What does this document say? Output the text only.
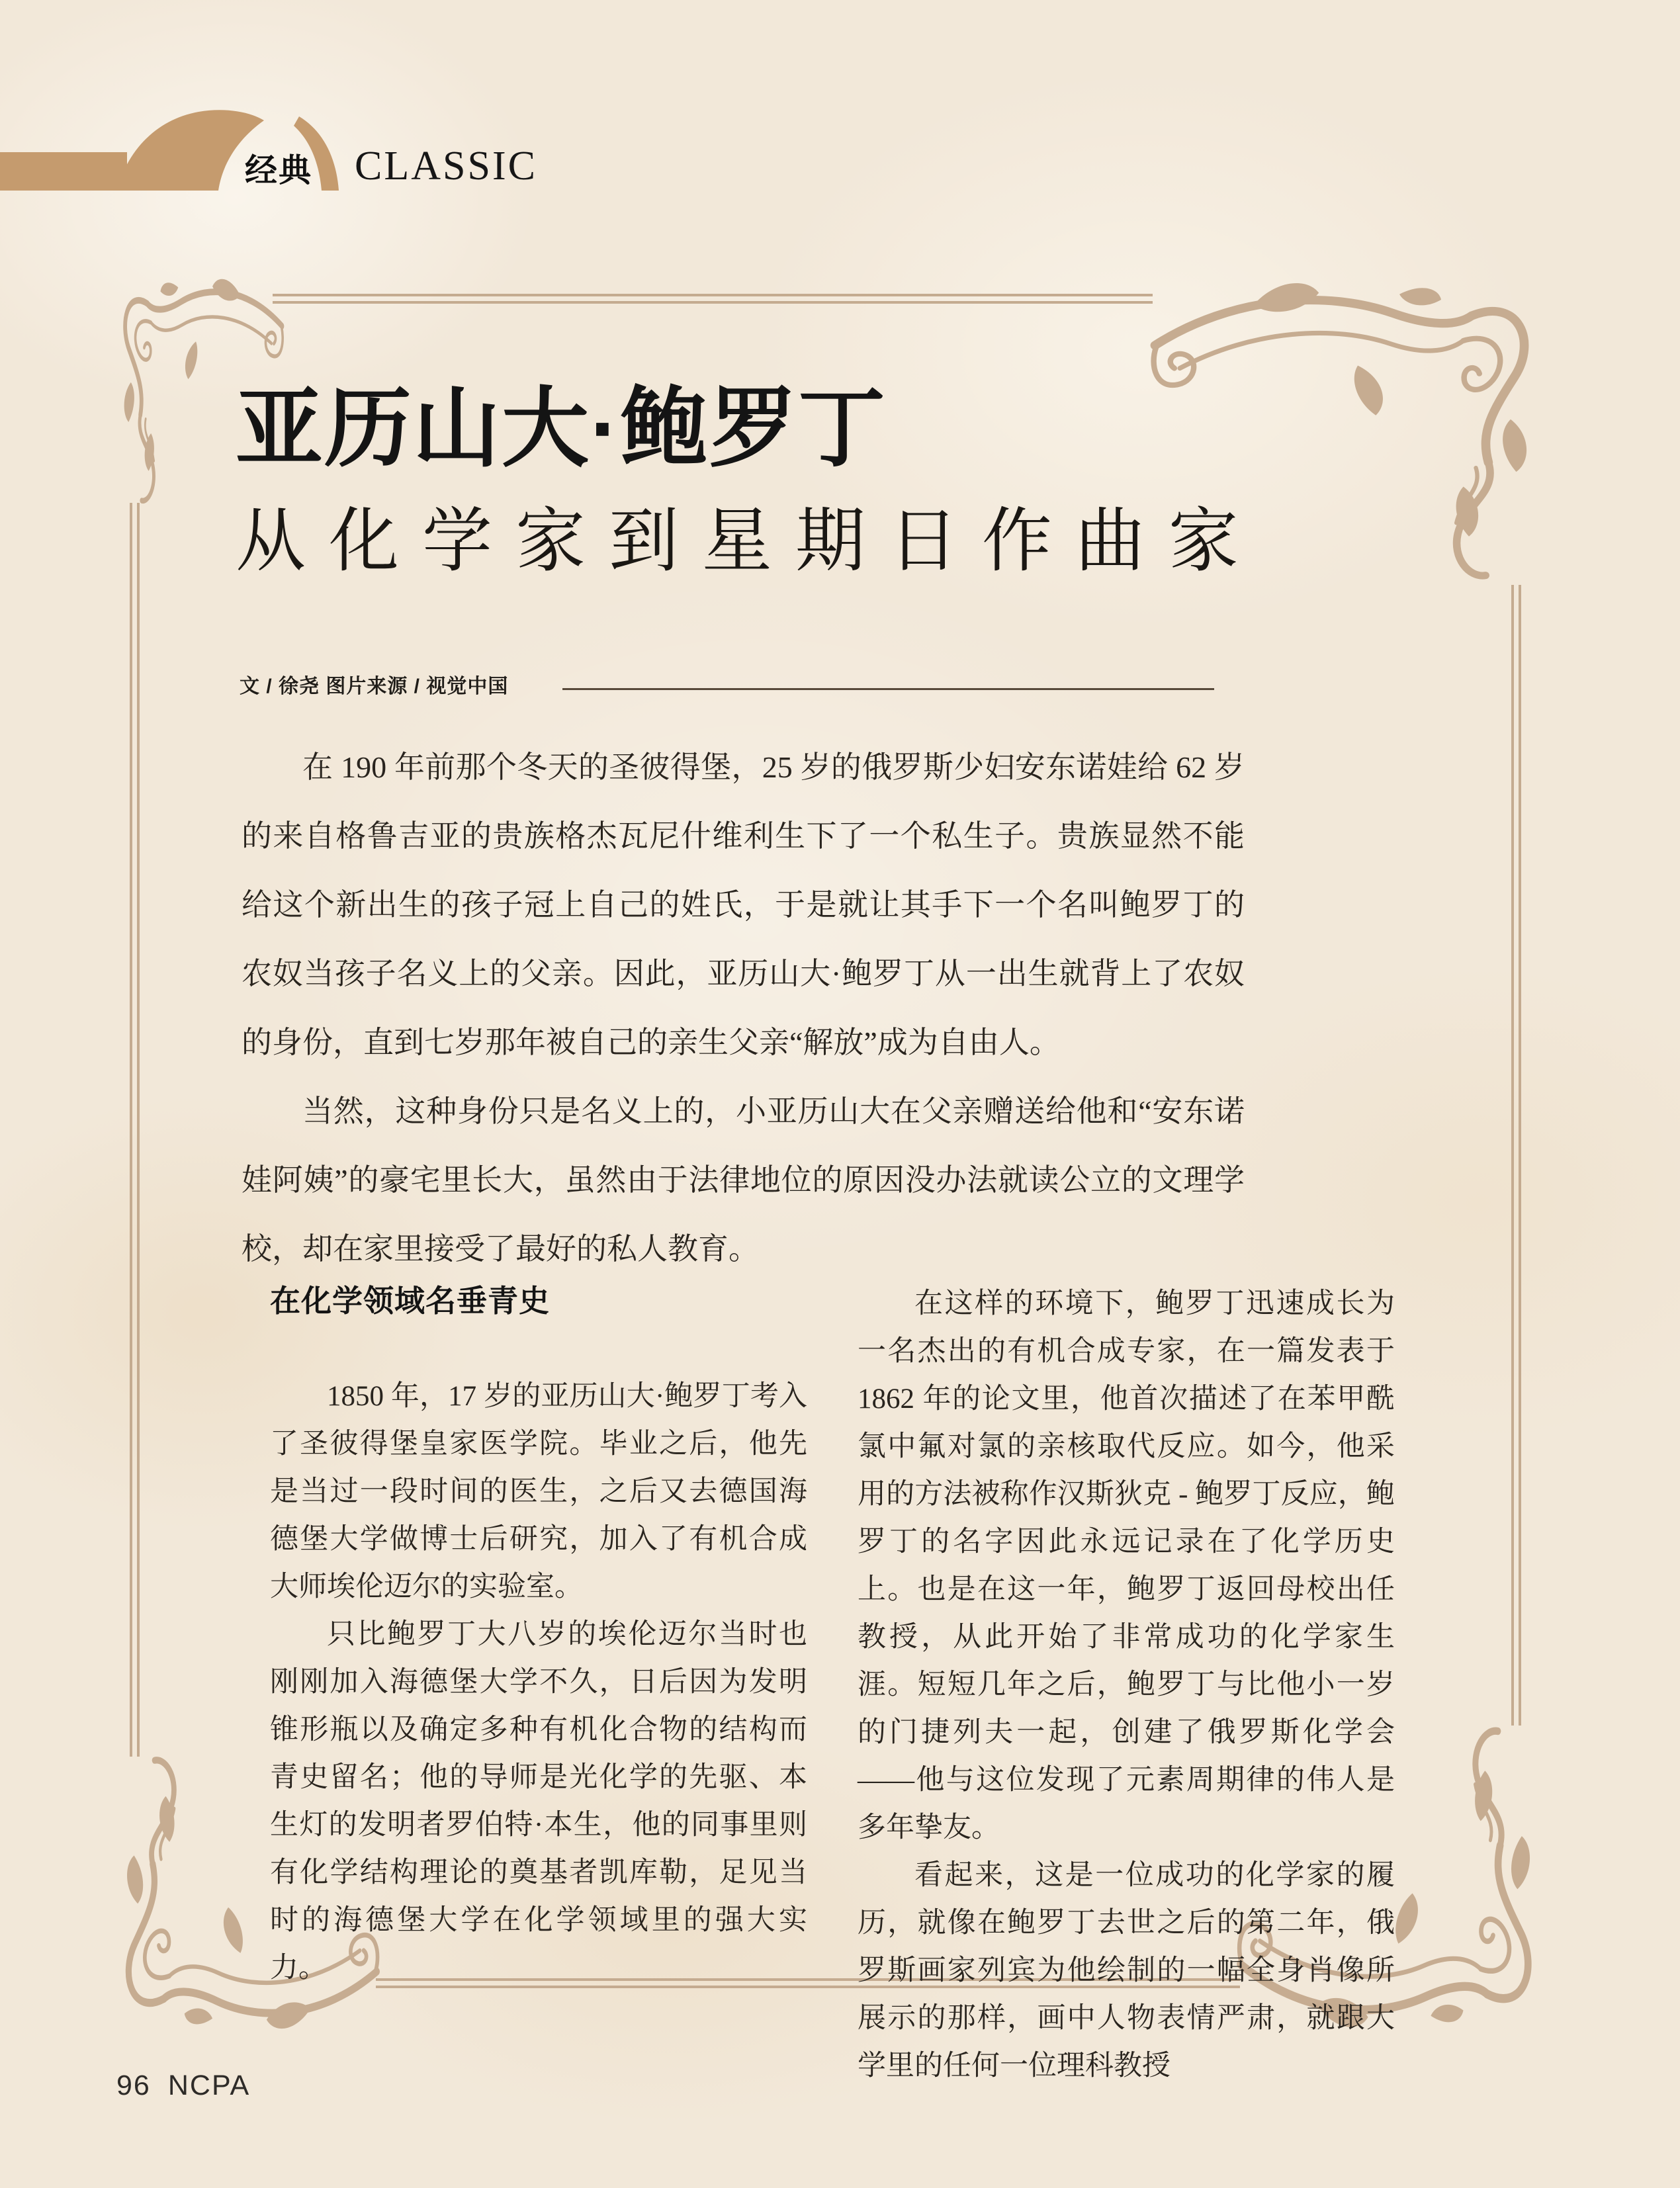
经典 CLASSIC
亚历山大·鲍罗丁
从化学家到星期日作曲家
文 / 徐尧 图片来源 / 视觉中国

在 190 年前那个冬天的圣彼得堡，25 岁的俄罗斯少妇安东诺娃给 62 岁的来自格鲁吉亚的贵族格杰瓦尼什维利生下了一个私生子。贵族显然不能给这个新出生的孩子冠上自己的姓氏，于是就让其手下一个名叫鲍罗丁的农奴当孩子名义上的父亲。因此，亚历山大·鲍罗丁从一出生就背上了农奴的身份，直到七岁那年被自己的亲生父亲“解放”成为自由人。

当然，这种身份只是名义上的，小亚历山大在父亲赠送给他和“安东诺娃阿姨”的豪宅里长大，虽然由于法律地位的原因没办法就读公立的文理学校，却在家里接受了最好的私人教育。

在化学领域名垂青史

1850 年，17 岁的亚历山大·鲍罗丁考入了圣彼得堡皇家医学院。毕业之后，他先是当过一段时间的医生，之后又去德国海德堡大学做博士后研究，加入了有机合成大师埃伦迈尔的实验室。

只比鲍罗丁大八岁的埃伦迈尔当时也刚刚加入海德堡大学不久，日后因为发明锥形瓶以及确定多种有机化合物的结构而青史留名；他的导师是光化学的先驱、本生灯的发明者罗伯特·本生，他的同事里则有化学结构理论的奠基者凯库勒，足见当时的海德堡大学在化学领域里的强大实力。

在这样的环境下，鲍罗丁迅速成长为一名杰出的有机合成专家，在一篇发表于 1862 年的论文里，他首次描述了在苯甲酰氯中氟对氯的亲核取代反应。如今，他采用的方法被称作汉斯狄克 - 鲍罗丁反应，鲍罗丁的名字因此永远记录在了化学历史上。也是在这一年，鲍罗丁返回母校出任教授，从此开始了非常成功的化学家生涯。短短几年之后，鲍罗丁与比他小一岁的门捷列夫一起，创建了俄罗斯化学会——他与这位发现了元素周期律的伟人是多年挚友。

看起来，这是一位成功的化学家的履历，就像在鲍罗丁去世之后的第二年，俄罗斯画家列宾为他绘制的一幅全身肖像所展示的那样，画中人物表情严肃，就跟大学里的任何一位理科教授

96 NCPA
